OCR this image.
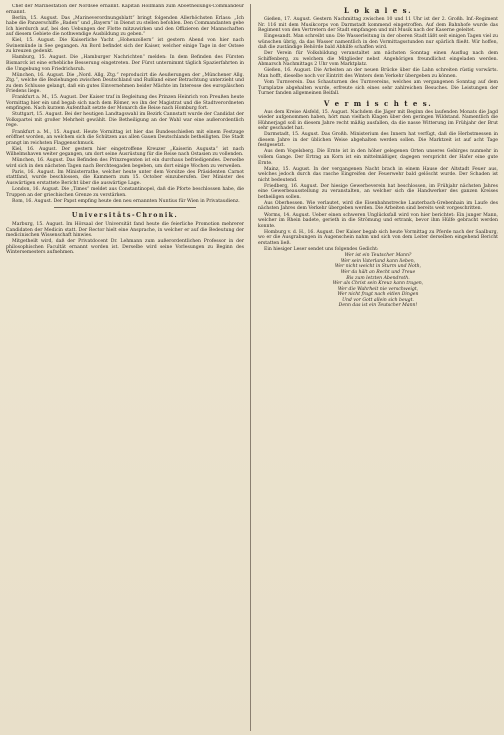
Chef der Marinestation der Nordsee ernannt. Kapitän Hollmann zum Aboetheilungs-Commandeur ernannt.

Berlin, 15. August. Das „Marineverordnungsblatt“ bringt folgenden Allerhöchsten Erlass: „Ich habe die Panzerschiffe „Baden“ und „Bayern“ in Dienst zu stellen befohlen. Den Commandanten gebe Ich hierdurch auf, bei den Uebungen der Flotte mitzuwirken und den Offizieren der Mannschaften auf diesem Gebiete die nothwendige Ausbildung zu geben.“

Kiel, 15. August. Die Kaiserliche Yacht „Hohenzollern“ ist gestern Abend von hier nach Swinemünde in See gegangen. An Bord befindet sich der Kaiser, welcher einige Tage in der Ostsee zu kreuzen gedenkt.

Hamburg, 15. August. Die „Hamburger Nachrichten“ melden: In dem Befinden des Fürsten Bismarck ist eine erhebliche Besserung eingetreten. Der Fürst unternimmt täglich Spazierfahrten in die Umgebung von Friedrichsruh.

München, 16. August. Die „Nord. Allg. Ztg.“ reproducirt die Aeußerungen der „Münchener Allg. Ztg.“, welche die Beziehungen zwischen Deutschland und Rußland einer Betrachtung unterzieht und zu dem Schlusse gelangt, daß ein gutes Einvernehmen beider Mächte im Interesse des europäischen Friedens liege.

Frankfurt a. M., 15. August. Der Kaiser traf in Begleitung des Prinzen Heinrich von Preußen heute Vormittag hier ein und begab sich nach dem Römer, wo ihn der Magistrat und die Stadtverordneten empfingen. Nach kurzem Aufenthalt setzte der Monarch die Reise nach Homburg fort.

Stuttgart, 15. August. Bei der heutigen Landtagswahl im Bezirk Cannstatt wurde der Candidat der Volkspartei mit großer Mehrheit gewählt. Die Betheiligung an der Wahl war eine außerordentlich rege.

Frankfurt a. M., 15. August. Heute Vormittag ist hier das Bundesschießen mit einem Festzuge eröffnet worden, an welchem sich die Schützen aus allen Gauen Deutschlands betheiligten. Die Stadt prangt im reichsten Flaggenschmuck.

Kiel, 16. August. Der gestern hier eingetroffene Kreuzer „Kaiserin Augusta“ ist nach Wilhelmshaven weiter gegangen, um dort seine Ausrüstung für die Reise nach Ostasien zu vollenden.

München, 16. August. Das Befinden des Prinzregenten ist ein durchaus befriedigendes. Derselbe wird sich in den nächsten Tagen nach Berchtesgaden begeben, um dort einige Wochen zu verweilen.

Paris, 16. August. Im Ministerrathe, welcher heute unter dem Vorsitze des Präsidenten Carnot stattfand, wurde beschlossen, die Kammern zum 15. October einzuberufen. Der Minister des Auswärtigen erstattete Bericht über die auswärtige Lage.

London, 16. August. Die „Times“ meldet aus Constantinopel, daß die Pforte beschlossen habe, die Truppen an der griechischen Grenze zu verstärken.

Rom, 16. August. Der Papst empfing heute den neu ernannten Nuntius für Wien in Privataudienz.

Universitäts-Chronik.

Marburg, 15. August. Im Hörsaal der Universität fand heute die feierliche Promotion mehrerer Candidaten der Medicin statt. Der Rector hielt eine Ansprache, in welcher er auf die Bedeutung der medicinischen Wissenschaft hinwies.

Mitgetheilt wird, daß der Privatdocent Dr. Lehmann zum außerordentlichen Professor in der philosophischen Facultät ernannt worden ist. Derselbe wird seine Vorlesungen zu Beginn des Wintersemesters aufnehmen.

L o k a l e s.

Gießen, 17. August. Gestern Nachmittag zwischen 10 und 11 Uhr ist der 2. Großh. Inf.-Regiment Nr. 116 mit dem Musikcorps von Darmstadt kommend eingetroffen. Auf dem Bahnhofe wurde das Regiment von den Vertretern der Stadt empfangen und mit Musik nach der Kaserne geleitet.

Eingesandt. Man schreibt uns: Die Wasserleitung in der oberen Stadt läßt seit einigen Tagen viel zu wünschen übrig, da das Wasser namentlich in den Vormittagsstunden nur spärlich fließt. Wir hoffen, daß die zuständige Behörde bald Abhilfe schaffen wird.

Der Verein für Volksbildung veranstaltet am nächsten Sonntag einen Ausflug nach dem Schiffenberg, zu welchem die Mitglieder nebst Angehörigen freundlichst eingeladen werden. Abmarsch Nachmittags 2 Uhr vom Marktplatz.

Gießen, 16. August. Die Arbeiten an der neuen Brücke über die Lahn schreiten rüstig vorwärts. Man hofft, dieselbe noch vor Eintritt des Winters dem Verkehr übergeben zu können.

Vom Turnverein. Das Schauturnen des Turnvereins, welches am vergangenen Sonntag auf dem Turnplatze abgehalten wurde, erfreute sich eines sehr zahlreichen Besuches. Die Leistungen der Turner fanden allgemeinen Beifall.

V e r m i s c h t e s.

Aus dem Kreise Alsfeld, 15. August. Nachdem die Jäger mit Beginn des laufenden Monats die Jagd wieder aufgenommen haben, hört man vielfach Klagen über den geringen Wildstand. Namentlich die Hühnerjagd soll in diesem Jahre recht mäßig ausfallen, da die nasse Witterung im Frühjahr der Brut sehr geschadet hat.

Darmstadt, 15. August. Das Großh. Ministerium des Innern hat verfügt, daß die Herbstmessen in diesem Jahre in der üblichen Weise abgehalten werden sollen. Die Marktzeit ist auf acht Tage festgesetzt.

Aus dem Vogelsberg. Die Ernte ist in den höher gelegenen Orten unseres Gebirges nunmehr in vollem Gange. Der Ertrag an Korn ist ein mittelmäßiger, dagegen verspricht der Hafer eine gute Ernte.

Mainz, 15. August. In der vergangenen Nacht brach in einem Hause der Altstadt Feuer aus, welches jedoch durch das rasche Eingreifen der Feuerwehr bald gelöscht wurde. Der Schaden ist nicht bedeutend.

Friedberg, 16. August. Der hiesige Gewerbeverein hat beschlossen, im Frühjahr nächsten Jahres eine Gewerbeausstellung zu veranstalten, an welcher sich die Handwerker des ganzen Kreises betheiligen sollen.

Aus Oberhessen. Wie verlautet, wird die Eisenbahnstrecke Lauterbach-Grebenhain im Laufe des nächsten Jahres dem Verkehr übergeben werden. Die Arbeiten sind bereits weit vorgeschritten.

Worms, 14. August. Ueber einen schweren Unglücksfall wird von hier berichtet: Ein junger Mann, welcher im Rhein badete, gerieth in die Strömung und ertrank, bevor ihm Hülfe gebracht werden konnte.

Homburg v. d. H., 16. August. Der Kaiser begab sich heute Vormittag zu Pferde nach der Saalburg, wo er die Ausgrabungen in Augenschein nahm und sich von dem Leiter derselben eingehend Bericht erstatten ließ.

Ein hiesiger Leser sendet uns folgendes Gedicht:

Wer ist ein Teutscher Mann?
Wer sein Vaterland kann lieben,
Wer nicht weicht in Sturm und Noth,
Wer da hält an Recht und Treue
Bis zum letzten Abendroth.
Wer als Christ sein Kreuz kann tragen,
Wer die Wahrheit nie verschweigt,
Wer nicht fragt nach eitlen Dingen
Und vor Gott allein sich beugt.
Denn das ist ein Teutscher Mann!
